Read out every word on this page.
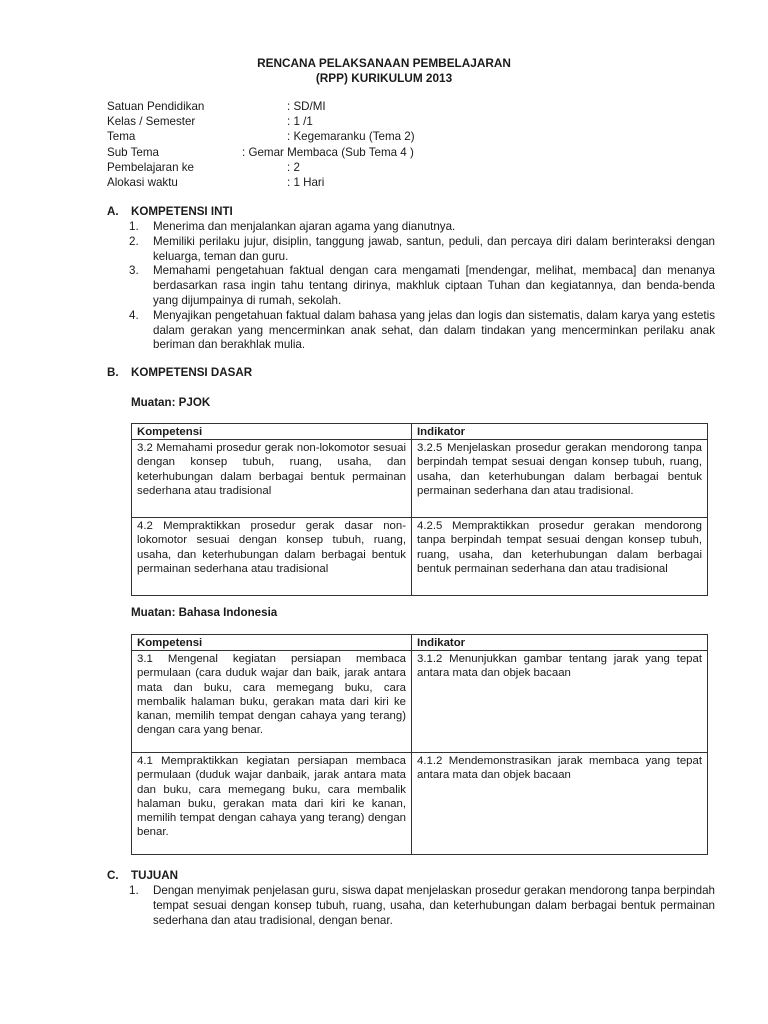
RENCANA PELAKSANAAN PEMBELAJARAN
(RPP) KURIKULUM 2013
Satuan Pendidikan	: SD/MI
Kelas / Semester	: 1 /1
Tema	: Kegemaranku (Tema 2)
Sub Tema	: Gemar Membaca (Sub Tema 4 )
Pembelajaran ke	: 2
Alokasi waktu	: 1 Hari
A. KOMPETENSI INTI
1. Menerima dan menjalankan ajaran agama yang dianutnya.
2. Memiliki perilaku jujur, disiplin, tanggung jawab, santun, peduli, dan percaya diri dalam berinteraksi dengan keluarga, teman dan guru.
3. Memahami pengetahuan faktual dengan cara mengamati [mendengar, melihat, membaca] dan menanya berdasarkan rasa ingin tahu tentang dirinya, makhluk ciptaan Tuhan dan kegiatannya, dan benda-benda yang dijumpainya di rumah, sekolah.
4. Menyajikan pengetahuan faktual dalam bahasa yang jelas dan logis dan sistematis, dalam karya yang estetis dalam gerakan yang mencerminkan anak sehat, dan dalam tindakan yang mencerminkan perilaku anak beriman dan berakhlak mulia.
B. KOMPETENSI DASAR
Muatan: PJOK
Kompetensi	Indikator
3.2 Memahami prosedur gerak non-lokomotor sesuai dengan konsep tubuh, ruang, usaha, dan keterhubungan dalam berbagai bentuk permainan sederhana atau tradisional	3.2.5 Menjelaskan prosedur gerakan mendorong tanpa berpindah tempat sesuai dengan konsep tubuh, ruang, usaha, dan keterhubungan dalam berbagai bentuk permainan sederhana dan atau tradisional.
4.2 Mempraktikkan prosedur gerak dasar non-lokomotor sesuai dengan konsep tubuh, ruang, usaha, dan keterhubungan dalam berbagai bentuk permainan sederhana atau tradisional	4.2.5 Mempraktikkan prosedur gerakan mendorong tanpa berpindah tempat sesuai dengan konsep tubuh, ruang, usaha, dan keterhubungan dalam berbagai bentuk permainan sederhana dan atau tradisional
Muatan: Bahasa Indonesia
Kompetensi	Indikator
3.1 Mengenal kegiatan persiapan membaca permulaan (cara duduk wajar dan baik, jarak antara mata dan buku, cara memegang buku, cara membalik halaman buku, gerakan mata dari kiri ke kanan, memilih tempat dengan cahaya yang terang) dengan cara yang benar.	3.1.2 Menunjukkan gambar tentang jarak yang tepat antara mata dan objek bacaan
4.1 Mempraktikkan kegiatan persiapan membaca permulaan (duduk wajar danbaik, jarak antara mata dan buku, cara memegang buku, cara membalik halaman buku, gerakan mata dari kiri ke kanan, memilih tempat dengan cahaya yang terang) dengan benar.	4.1.2 Mendemonstrasikan jarak membaca yang tepat antara mata dan objek bacaan
C. TUJUAN
1. Dengan menyimak penjelasan guru, siswa dapat menjelaskan prosedur gerakan mendorong tanpa berpindah tempat sesuai dengan konsep tubuh, ruang, usaha, dan keterhubungan dalam berbagai bentuk permainan sederhana dan atau tradisional, dengan benar.
